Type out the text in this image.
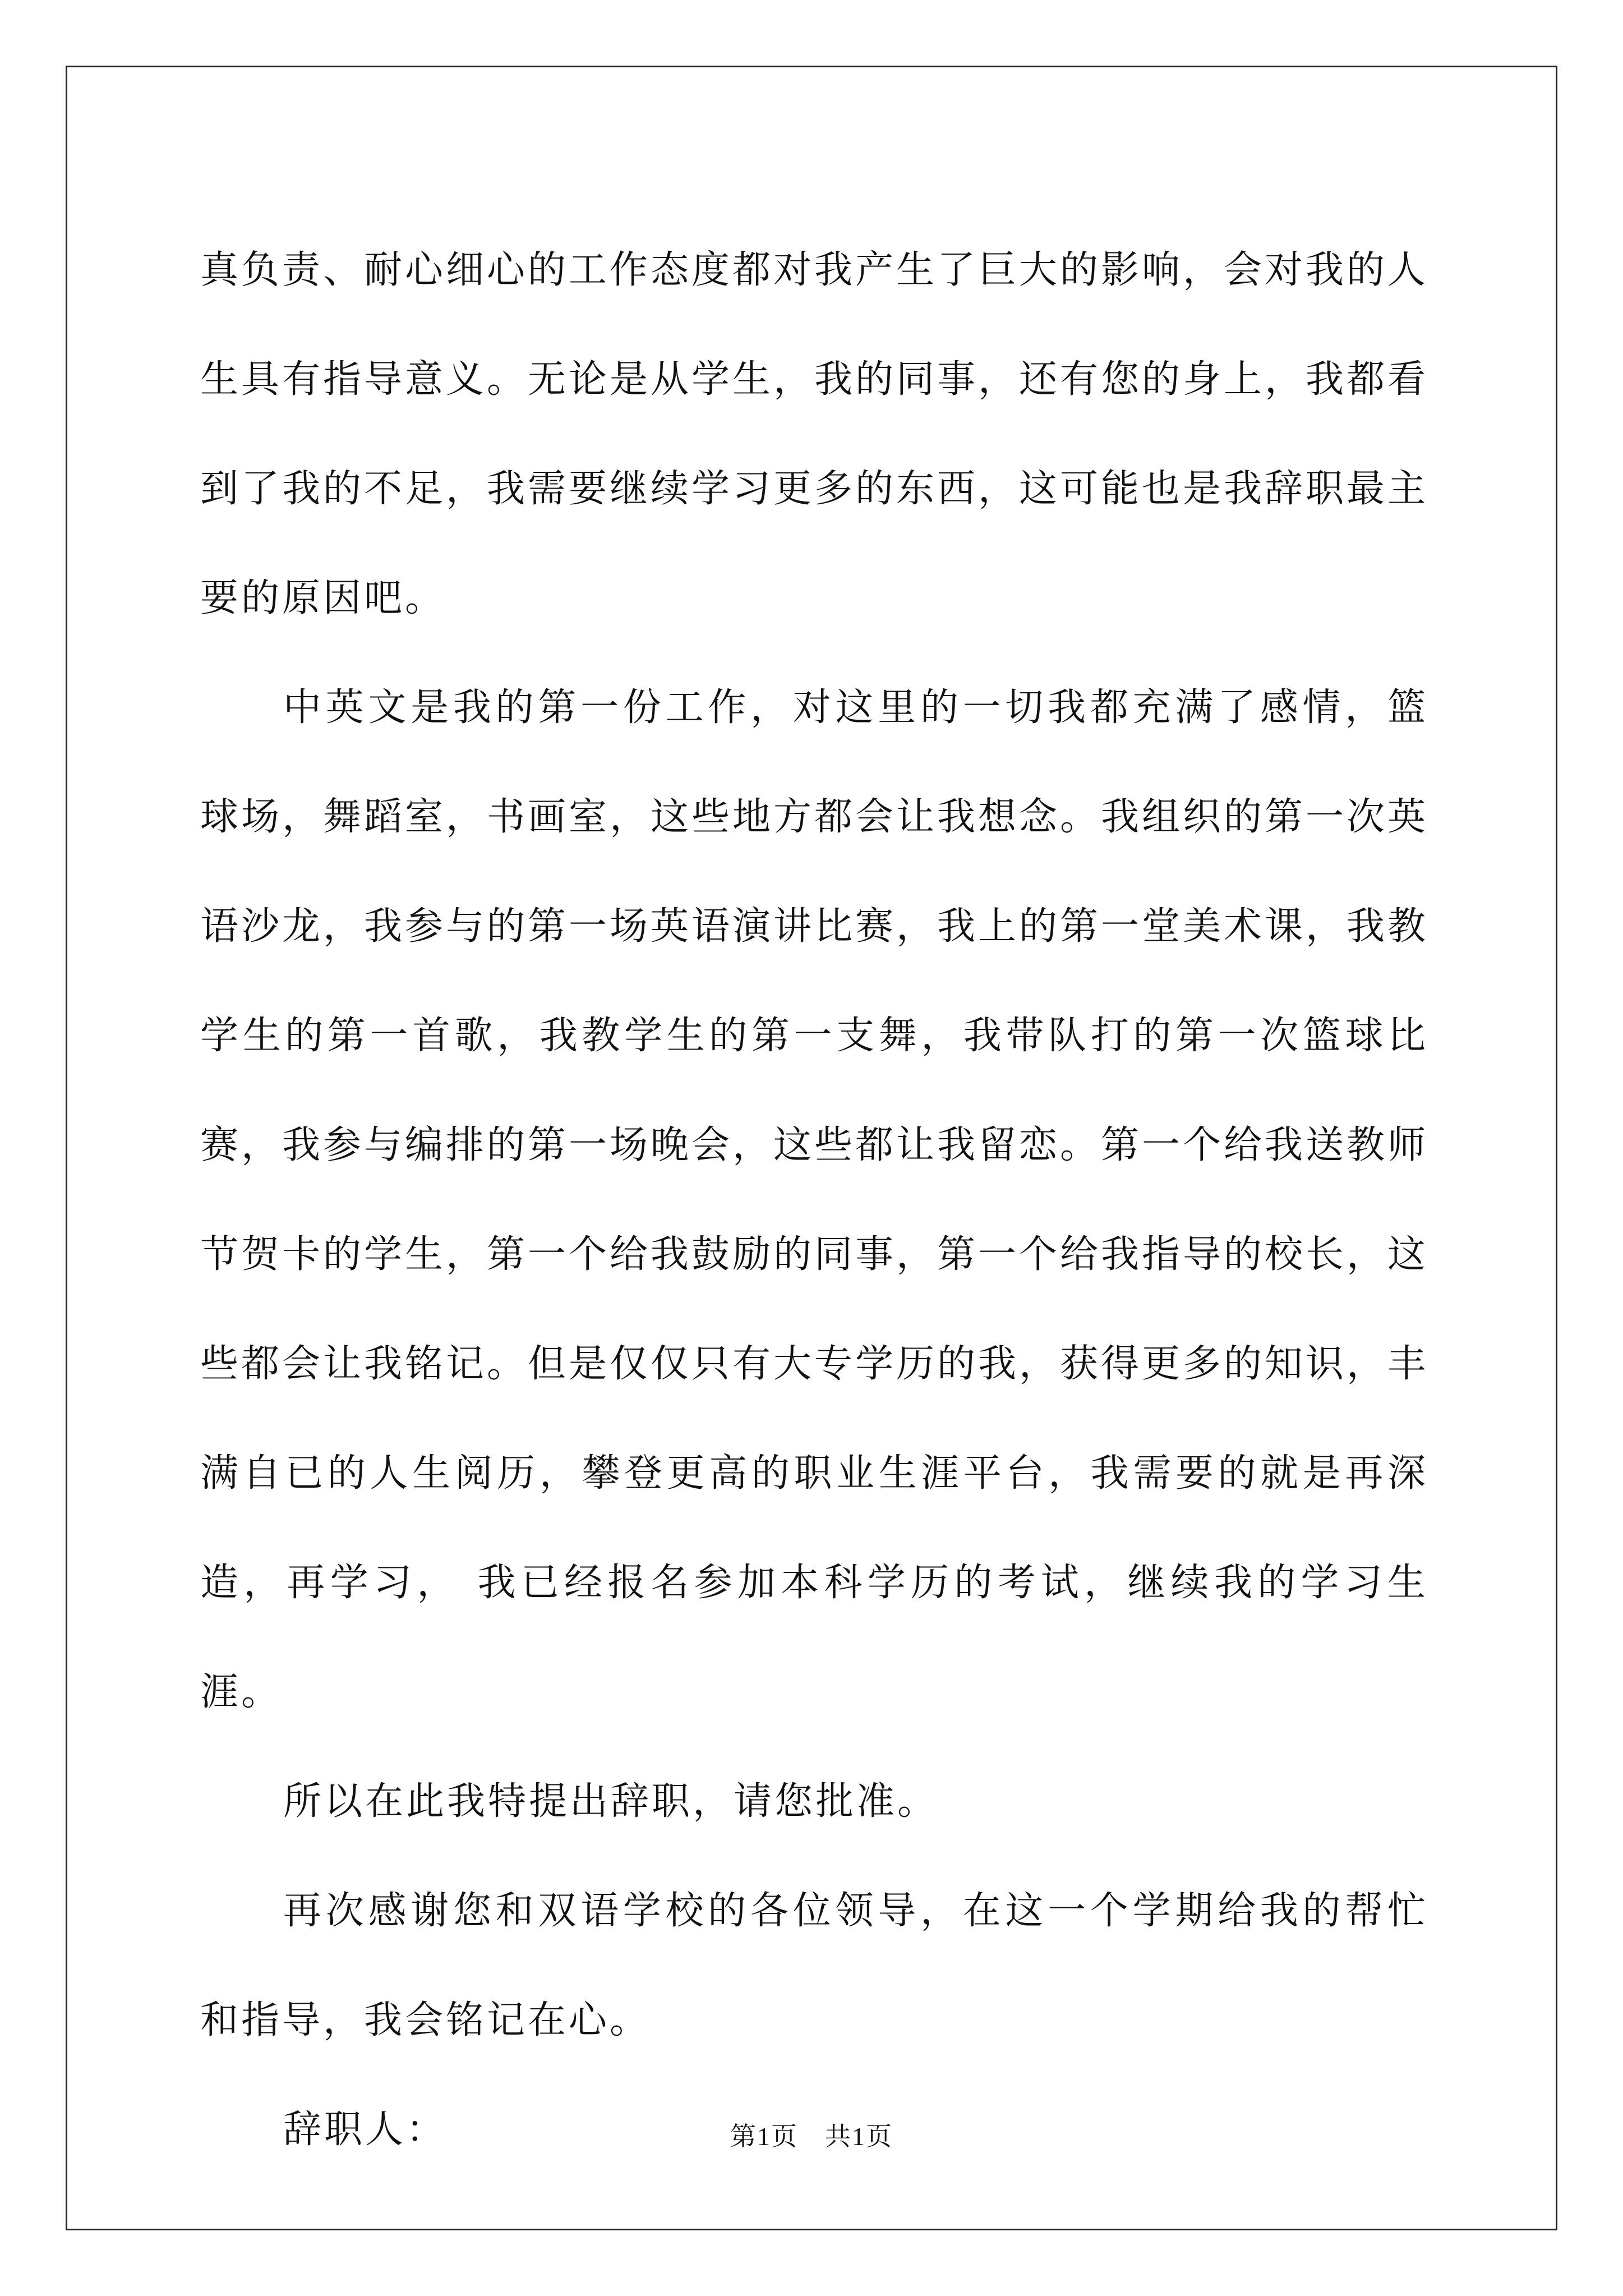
真负责、耐心细心的工作态度都对我产生了巨大的影响，会对我的人生具有指导意义。无论是从学生，我的同事，还有您的身上，我都看到了我的不足，我需要继续学习更多的东西，这可能也是我辞职最主要的原因吧。

中英文是我的第一份工作，对这里的一切我都充满了感情，篮球场，舞蹈室，书画室，这些地方都会让我想念。我组织的第一次英语沙龙，我参与的第一场英语演讲比赛，我上的第一堂美术课，我教学生的第一首歌，我教学生的第一支舞，我带队打的第一次篮球比赛，我参与编排的第一场晚会，这些都让我留恋。第一个给我送教师节贺卡的学生，第一个给我鼓励的同事，第一个给我指导的校长，这些都会让我铭记。但是仅仅只有大专学历的我，获得更多的知识，丰满自已的人生阅历，攀登更高的职业生涯平台，我需要的就是再深造，再学习， 我已经报名参加本科学历的考试，继续我的学习生涯。

所以在此我特提出辞职，请您批准。

再次感谢您和双语学校的各位领导，在这一个学期给我的帮忙和指导，我会铭记在心。

辞职人：	第1页　共1页
